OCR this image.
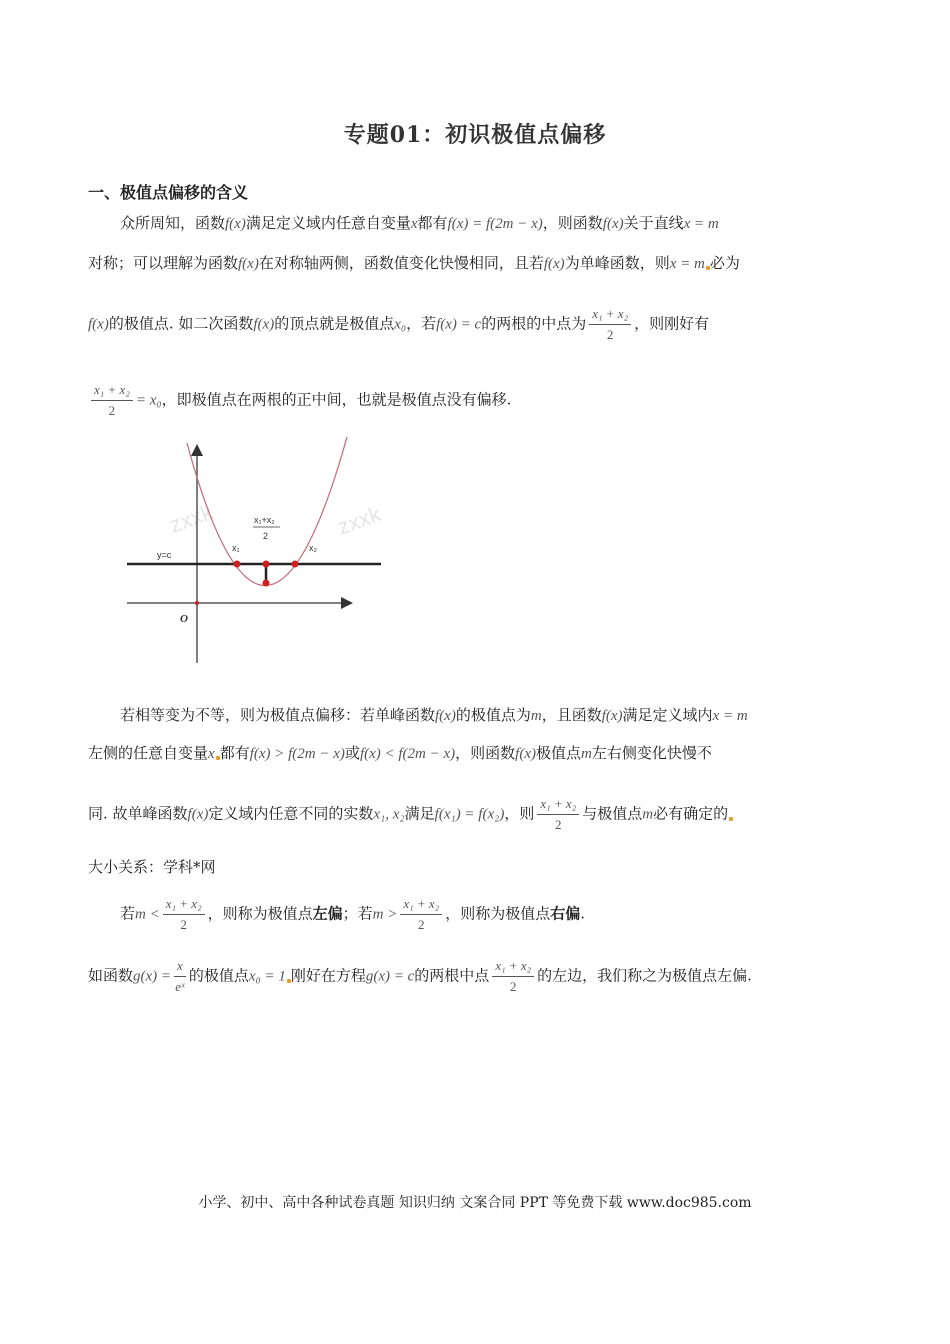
专题01：初识极值点偏移
一、极值点偏移的含义
众所周知，函数f(x)满足定义域内任意自变量x都有f(x) = f(2m − x)，则函数f(x)关于直线x = m
对称；可以理解为函数f(x)在对称轴两侧，函数值变化快慢相同，且若f(x)为单峰函数，则x = m 必为
f(x)的极值点. 如二次函数f(x)的顶点就是极值点x₀，若f(x) = c的两根的中点为 $\frac{\text{x₁ + x₂}}{2}$ ，则刚好有
$\frac{\text{x₁ + x₂}}{2} = x_0$，即极值点在两根的正中间，也就是极值点没有偏移.
zxxk	zxxk
y=c
x₁	x₂
x₁+x₂
2
O
若相等变为不等，则为极值点偏移：若单峰函数f(x)的极值点为m，且函数f(x)满足定义域内x = m
左侧的任意自变量x 都有f(x) > f(2m − x)或f(x) < f(2m − x)，则函数f(x)极值点m左右侧变化快慢不
同. 故单峰函数f(x)定义域内任意不同的实数x₁, x₂满足f(x₁) = f(x₂)，则 $\frac{\text{x₁ + x₂}}{2}$ 与极值点m必有确定的
大小关系：学科*网
若$m < \frac{\text{x₁ + x₂}}{2}$ ，则称为极值点左偏；若$m > \frac{\text{x₁ + x₂}}{2}$ ，则称为极值点右偏.
如函数$g(x) = \frac{x}{\text{eˣ}}$ 的极值点x₀ = 1 刚好在方程g(x) = c的两根中点 $\frac{\text{x₁ + x₂}}{2}$ 的左边，我们称之为极值点左偏.
小学、初中、高中各种试卷真题 知识归纳 文案合同 PPT 等免费下载 www.doc985.com
